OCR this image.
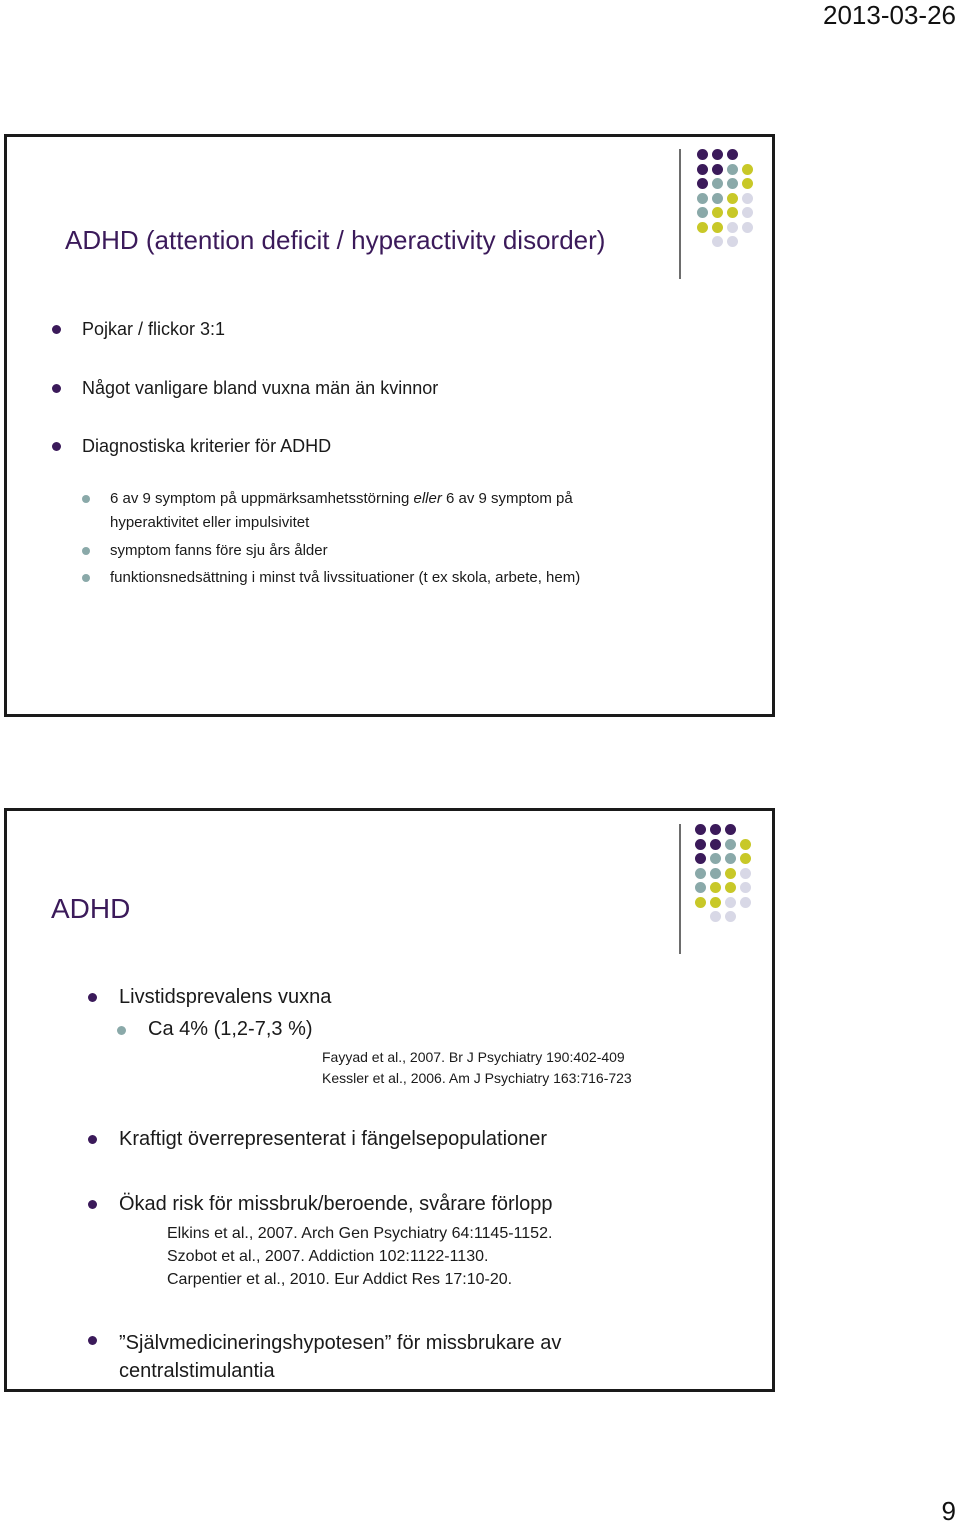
2013-03-26
ADHD (attention deficit / hyperactivity disorder)
Pojkar / flickor 3:1
Något vanligare bland vuxna män än kvinnor
Diagnostiska kriterier för ADHD
6 av 9 symptom på uppmärksamhetsstörning eller 6 av 9 symptom på
hyperaktivitet eller impulsivitet
symptom fanns före sju års ålder
funktionsnedsättning i minst två livssituationer (t ex skola, arbete, hem)
ADHD
Livstidsprevalens vuxna
Ca 4% (1,2-7,3 %)
Fayyad et al., 2007. Br J Psychiatry 190:402-409
Kessler et al., 2006. Am J Psychiatry 163:716-723
Kraftigt överrepresenterat i fängelsepopulationer
Ökad risk för missbruk/beroende, svårare förlopp
Elkins et al., 2007. Arch Gen Psychiatry 64:1145-1152.
Szobot et al., 2007. Addiction 102:1122-1130.
Carpentier et al., 2010. Eur Addict Res 17:10-20.
”Självmedicineringshypotesen” för missbrukare av
centralstimulantia
9
